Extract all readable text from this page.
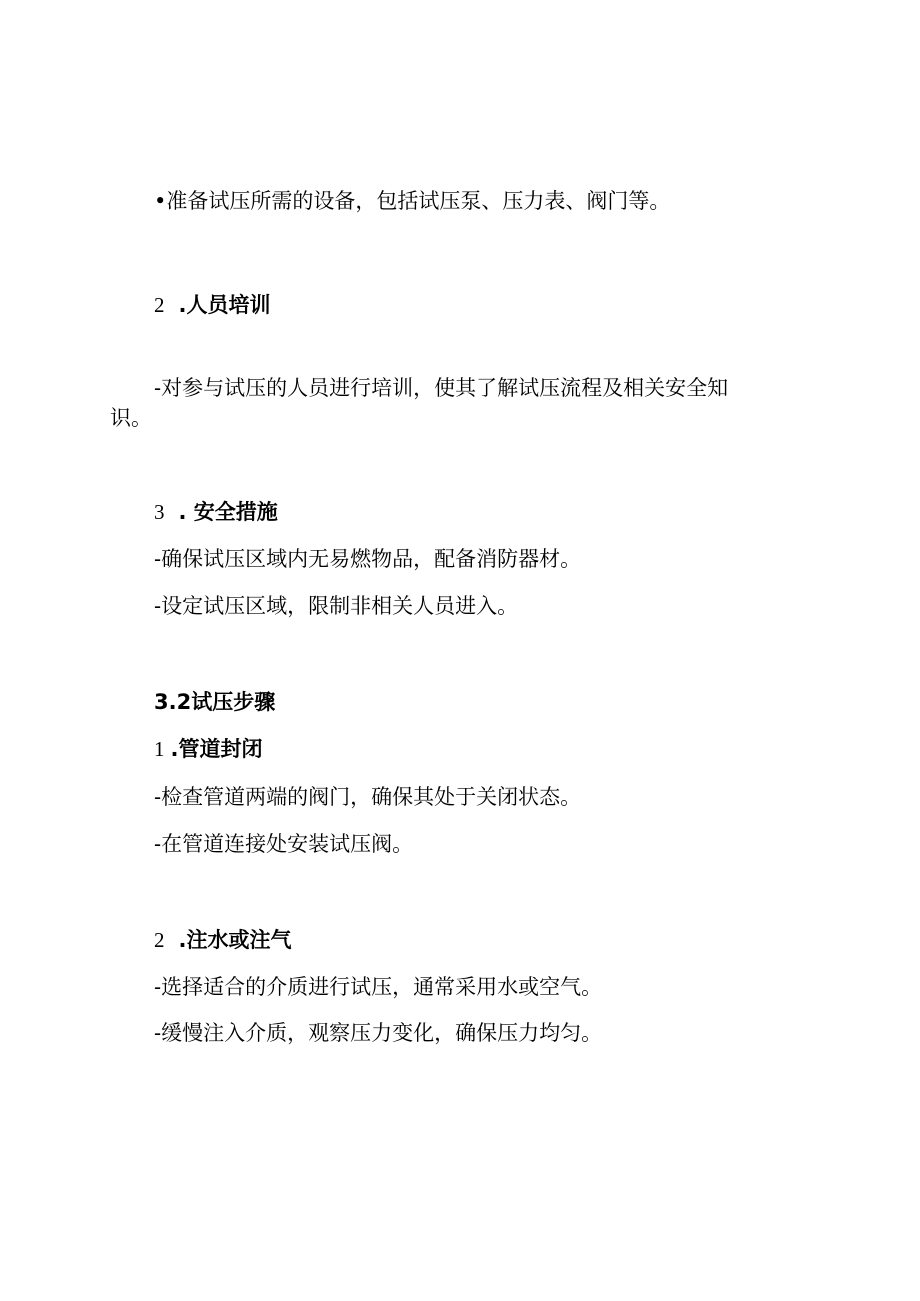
•准备试压所需的设备，包括试压泵、压力表、阀门等。
2 .人员培训
-对参与试压的人员进行培训，使其了解试压流程及相关安全知
识。
3 . 安全措施
-确保试压区域内无易燃物品，配备消防器材。
-设定试压区域，限制非相关人员进入。
3.2试压步骤
1 .管道封闭
-检查管道两端的阀门，确保其处于关闭状态。
-在管道连接处安装试压阀。
2 .注水或注气
-选择适合的介质进行试压，通常采用水或空气。
-缓慢注入介质，观察压力变化，确保压力均匀。
